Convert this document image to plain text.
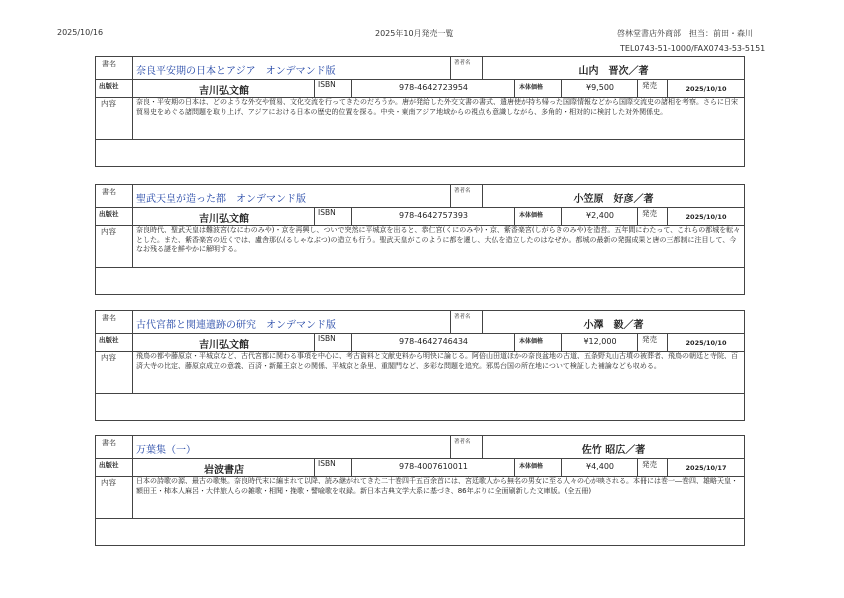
2025/10/16	2025年10月発売一覧	啓林堂書店外商部　担当：前田・森川
TEL0743-51-1000/FAX0743-53-5151
書名
奈良平安期の日本とアジア　オンデマンド版
著者名
山内　晋次／著
出版社	吉川弘文館
ISBN	978-4642723954	本体価格	¥9,500	発売	2025/10/10
内容	奈良・平安期の日本は、どのような外交や貿易、文化交流を行ってきたのだろうか。唐が発給した外交文書の書式、遣唐使が持ち帰った国際情報などから国際交流史の諸相を考察。さらに日宋貿易史をめぐる諸問題を取り上げ、アジアにおける日本の歴史的位置を探る。中央・東南アジア地域からの視点も意識しながら、多角的・相対的に検討した対外関係史。
書名
聖武天皇が造った都　オンデマンド版
著者名
小笠原　好彦／著
出版社	吉川弘文館
ISBN	978-4642757393	本体価格	¥2,400	発売	2025/10/10
内容	奈良時代、聖武天皇は難波宮(なにわのみや)・京を再興し、ついで突然に平城京を出ると、恭仁宮(くにのみや)・京、紫香楽宮(しがらきのみや)を造営。五年間にわたって、これらの都城を転々とした。また、紫香楽宮の近くでは、盧舎那仏(るしゃなぶつ)の造立も行う。聖武天皇がこのように都を遷し、大仏を造立したのはなぜか。都城の最新の発掘成果と唐の三都制に注目して、今なお残る謎を鮮やかに解明する。
書名
古代宮都と関連遺跡の研究　オンデマンド版
著者名
小澤　毅／著
出版社	吉川弘文館
ISBN	978-4642746434	本体価格	¥12,000	発売	2025/10/10
内容	飛鳥の都や藤原京・平城京など、古代宮都に関わる事項を中心に、考古資料と文献史料から明快に論じる。阿倍山田道ほかの奈良盆地の古道、五条野丸山古墳の被葬者、飛鳥の朝廷と寺院、百済大寺の比定、藤原京成立の意義、百済・新羅王京との関係、平城京と条里、重閣門など、多彩な問題を追究。邪馬台国の所在地について検証した補論なども収める。
書名
万葉集（一）
著者名
佐竹 昭広／著
出版社	岩波書店
ISBN	978-4007610011	本体価格	¥4,400	発売	2025/10/17
内容	日本の詩歌の源、最古の歌集。奈良時代末に編まれて以降、読み継がれてきた二十巻四千五百余首には、宮廷歌人から無名の男女に至る人々の心が映される。本冊には巻一―巻四、雄略天皇・額田王・柿本人麻呂・大伴旅人らの雑歌・相聞・挽歌・譬喩歌を収録。新日本古典文学大系に基づき、86年ぶりに全面刷新した文庫版。(全五冊)
